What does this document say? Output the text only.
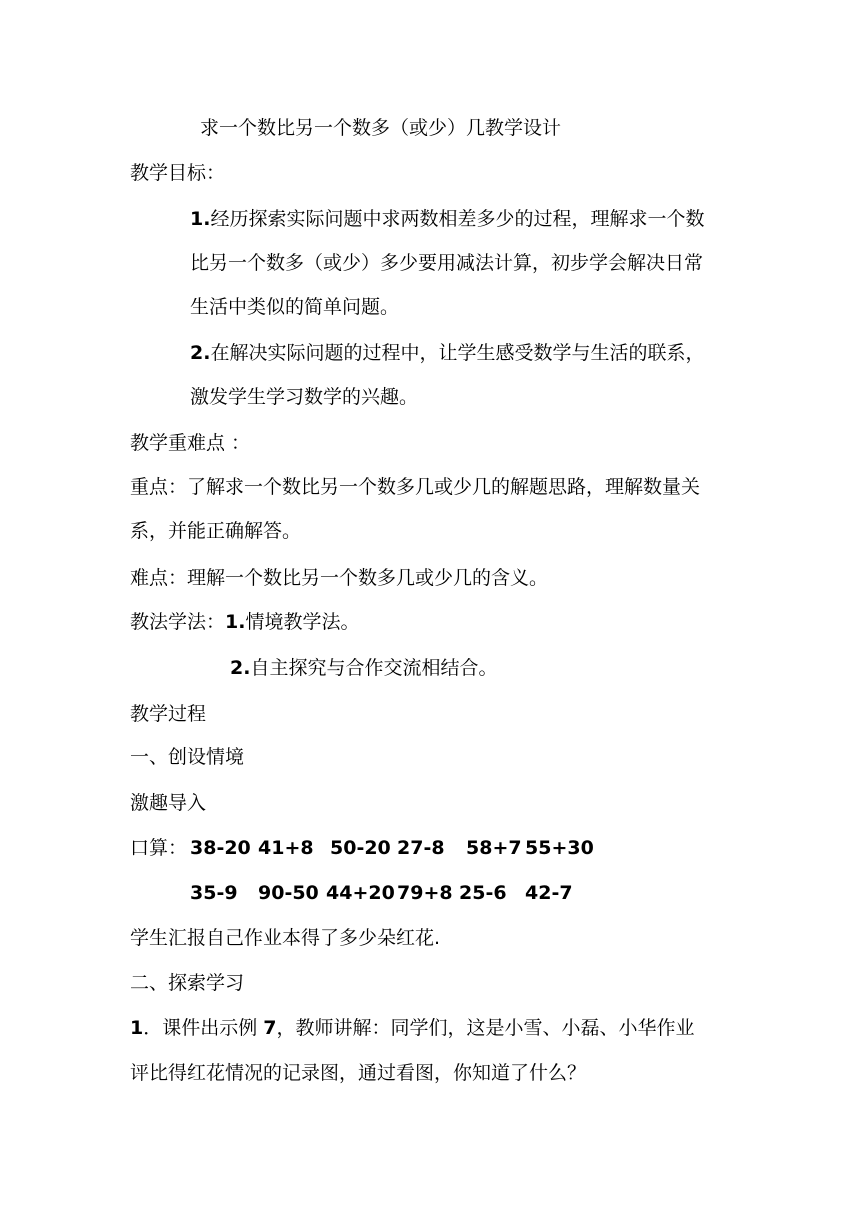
求一个数比另一个数多（或少）几教学设计
教学目标：
1.经历探索实际问题中求两数相差多少的过程，理解求一个数
比另一个数多（或少）多少要用减法计算，初步学会解决日常
生活中类似的简单问题。
2.在解决实际问题的过程中，让学生感受数学与生活的联系，
激发学生学习数学的兴趣。
教学重难点 ：
重点：了解求一个数比另一个数多几或少几的解题思路，理解数量关
系，并能正确解答。
难点：理解一个数比另一个数多几或少几的含义。
教法学法：1.情境教学法。
2.自主探究与合作交流相结合。
教学过程
一、创设情境
激趣导入
口算： 38-20 41+8 50-20 27-8 58+7 55+30
35-9 90-50 44+20 79+8 25-6 42-7
学生汇报自己作业本得了多少朵红花.
二、探索学习
1．课件出示例 7，教师讲解：同学们，这是小雪、小磊、小华作业
评比得红花情况的记录图，通过看图，你知道了什么？
